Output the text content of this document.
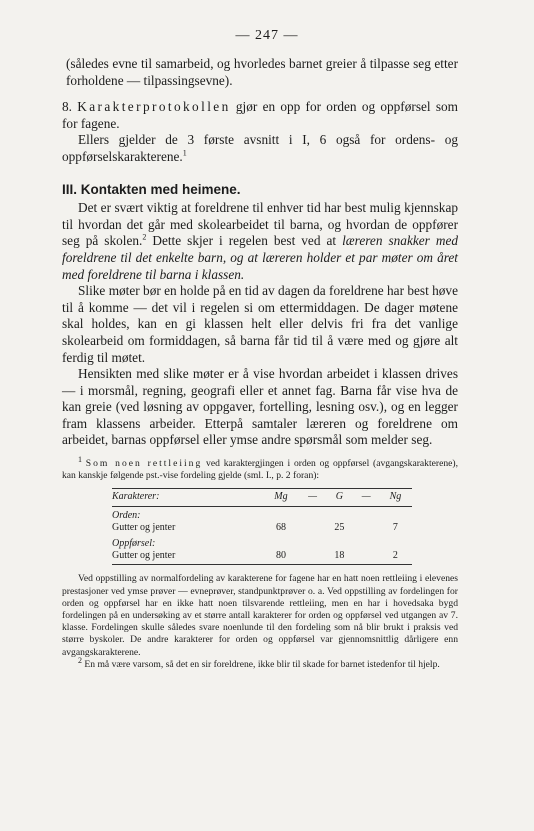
— 247 —

(således evne til samarbeid, og hvorledes barnet greier å tilpasse seg etter forholdene — tilpassingsevne).

8. Karakterprotokollen gjør en opp for orden og oppførsel som for fagene.

Ellers gjelder de 3 første avsnitt i I, 6 også for ordens- og oppførselskarakterene.$^1$

III. Kontakten med heimene.

Det er svært viktig at foreldrene til enhver tid har best mulig kjennskap til hvordan det går med skolearbeidet til barna, og hvordan de oppfører seg på skolen.$^2$ Dette skjer i regelen best ved at læreren snakker med foreldrene til det enkelte barn, og at læreren holder et par møter om året med foreldrene til barna i klassen.

Slike møter bør en holde på en tid av dagen da foreldrene har best høve til å komme — det vil i regelen si om ettermiddagen. De dager møtene skal holdes, kan en gi klassen helt eller delvis fri fra det vanlige skolearbeid om formiddagen, så barna får tid til å være med og gjøre alt ferdig til møtet.

Hensikten med slike møter er å vise hvordan arbeidet i klassen drives — i morsmål, regning, geografi eller et annet fag. Barna får vise hva de kan greie (ved løsning av oppgaver, fortelling, lesning osv.), og en legger fram klassens arbeider. Etterpå samtaler læreren og foreldrene om arbeidet, barnas oppførsel eller ymse andre spørsmål som melder seg.

$^1$ Som noen rettleiing ved karaktergjingen i orden og oppførsel (avgangskarakterene), kan kanskje følgende pst.-vise fordeling gjelde (sml. I., p. 2 foran):

Karakterer:	Mg	—	G	—	Ng
Orden:					
Gutter og jenter	68		25		7
Oppførsel:					
Gutter og jenter	80		18		2

Ved oppstilling av normalfordeling av karakterene for fagene har en hatt noen rettleiing i elevenes prestasjoner ved ymse prøver — evneprøver, standpunktprøver o. a. Ved oppstilling av fordelingen for orden og oppførsel har en ikke hatt noen tilsvarende rettleiing, men en har i hovedsaka bygd fordelingen på en undersøking av et større antall karakterer for orden og oppførsel ved utgangen av 7. klasse. Fordelingen skulle således svare noenlunde til den fordeling som nå blir brukt i praksis ved større byskoler. De andre karakterer for orden og oppførsel var gjennomsnittlig dårligere enn avgangskarakterene.

$^2$ En må være varsom, så det en sir foreldrene, ikke blir til skade for barnet istedenfor til hjelp.
